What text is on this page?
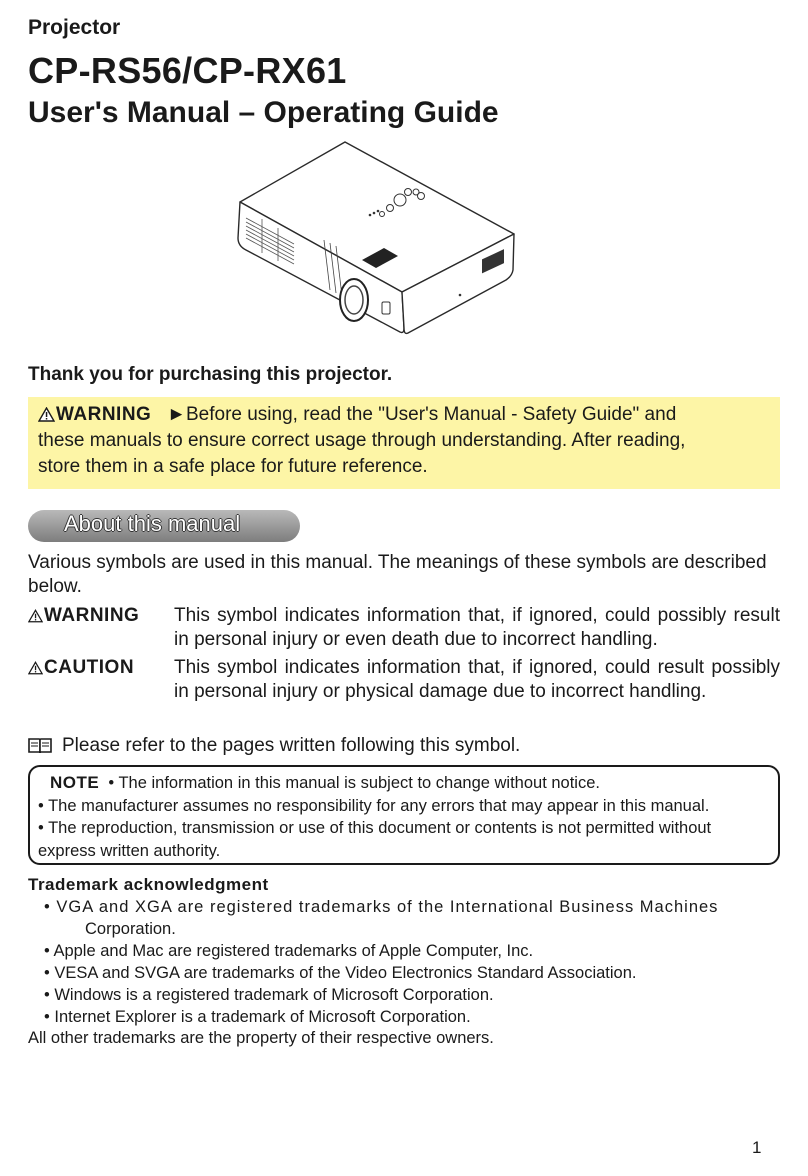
Projector
CP-RS56/CP-RX61
User's Manual – Operating Guide
Thank you for purchasing this projector.
WARNING ►Before using, read the "User's Manual - Safety Guide" and
these manuals to ensure correct usage through understanding. After reading,
store them in a safe place for future reference.
About this manual
Various symbols are used in this manual. The meanings of these symbols are described below.
WARNING This symbol indicates information that, if ignored, could possibly result in personal injury or even death due to incorrect handling.
CAUTION This symbol indicates information that, if ignored, could result possibly in personal injury or physical damage due to incorrect handling.
Please refer to the pages written following this symbol.
NOTE • The information in this manual is subject to change without notice.
• The manufacturer assumes no responsibility for any errors that may appear in this manual.
• The reproduction, transmission or use of this document or contents is not permitted without express written authority.
Trademark acknowledgment
• VGA and XGA are registered trademarks of the International Business Machines
Corporation.
• Apple and Mac are registered trademarks of Apple Computer, Inc.
• VESA and SVGA are trademarks of the Video Electronics Standard Association.
• Windows is a registered trademark of Microsoft Corporation.
• Internet Explorer is a trademark of Microsoft Corporation.
All other trademarks are the property of their respective owners.
1
